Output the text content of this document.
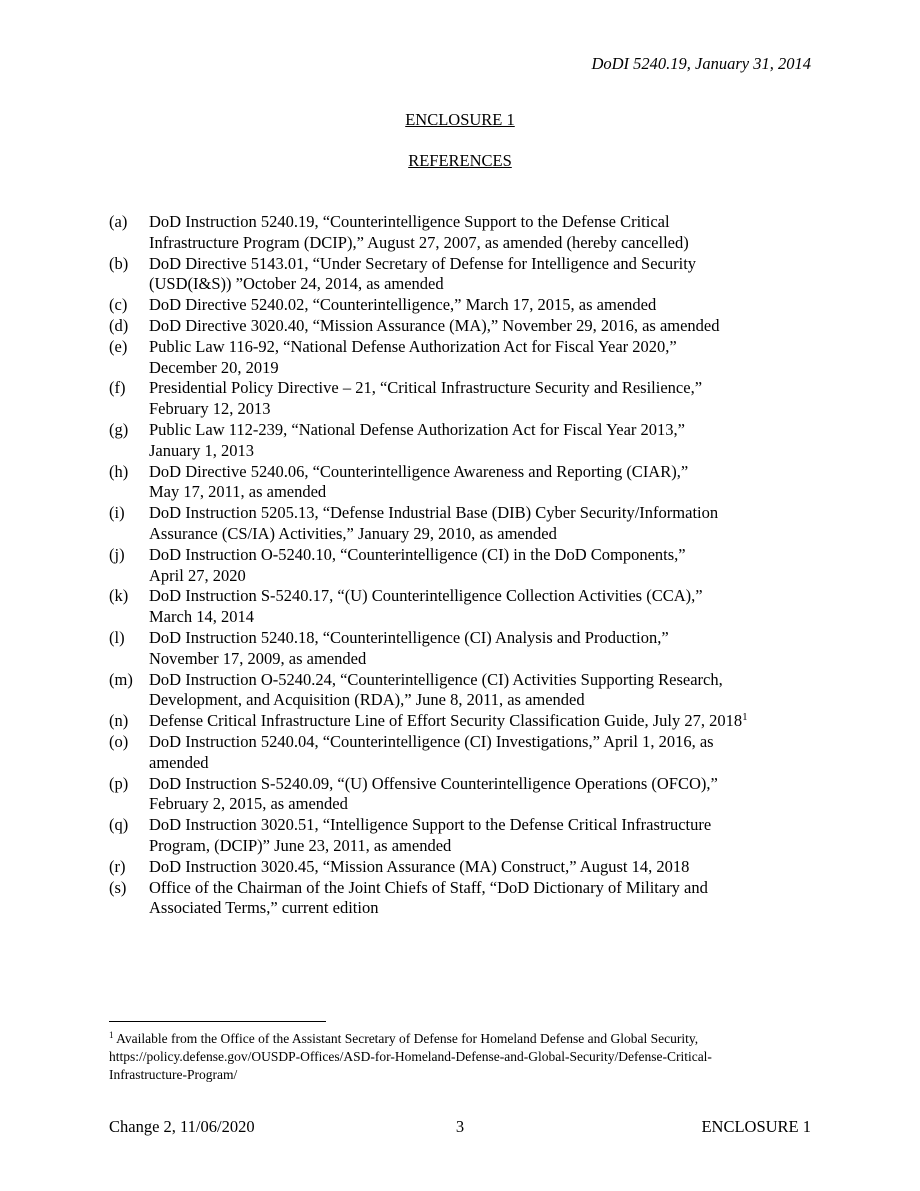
DoDI 5240.19, January 31, 2014
ENCLOSURE 1
REFERENCES
(a)	DoD Instruction 5240.19, “Counterintelligence Support to the Defense Critical
Infrastructure Program (DCIP),” August 27, 2007, as amended (hereby cancelled)
(b)	DoD Directive 5143.01, “Under Secretary of Defense for Intelligence and Security
(USD(I&S)) ”October 24, 2014, as amended
(c)	DoD Directive 5240.02, “Counterintelligence,” March 17, 2015, as amended
(d)	DoD Directive 3020.40, “Mission Assurance (MA),” November 29, 2016, as amended
(e)	Public Law 116-92, “National Defense Authorization Act for Fiscal Year 2020,”
December 20, 2019
(f)	Presidential Policy Directive – 21, “Critical Infrastructure Security and Resilience,”
February 12, 2013
(g)	Public Law 112-239, “National Defense Authorization Act for Fiscal Year 2013,”
January 1, 2013
(h)	DoD Directive 5240.06, “Counterintelligence Awareness and Reporting (CIAR),”
May 17, 2011, as amended
(i)	DoD Instruction 5205.13, “Defense Industrial Base (DIB) Cyber Security/Information
Assurance (CS/IA) Activities,” January 29, 2010, as amended
(j)	DoD Instruction O-5240.10, “Counterintelligence (CI) in the DoD Components,”
April 27, 2020
(k)	DoD Instruction S-5240.17, “(U) Counterintelligence Collection Activities (CCA),”
March 14, 2014
(l)	DoD Instruction 5240.18, “Counterintelligence (CI) Analysis and Production,”
November 17, 2009, as amended
(m) DoD Instruction O-5240.24, “Counterintelligence (CI) Activities Supporting Research,
Development, and Acquisition (RDA),” June 8, 2011, as amended
(n)	Defense Critical Infrastructure Line of Effort Security Classification Guide, July 27, 2018$^1$
(o)	DoD Instruction 5240.04, “Counterintelligence (CI) Investigations,” April 1, 2016, as
amended
(p)	DoD Instruction S-5240.09, “(U) Offensive Counterintelligence Operations (OFCO),”
February 2, 2015, as amended
(q)	DoD Instruction 3020.51, “Intelligence Support to the Defense Critical Infrastructure
Program, (DCIP)” June 23, 2011, as amended
(r)	DoD Instruction 3020.45, “Mission Assurance (MA) Construct,” August 14, 2018
(s)	Office of the Chairman of the Joint Chiefs of Staff, “DoD Dictionary of Military and
Associated Terms,” current edition
$^1$ Available from the Office of the Assistant Secretary of Defense for Homeland Defense and Global Security,
https://policy.defense.gov/OUSDP-Offices/ASD-for-Homeland-Defense-and-Global-Security/Defense-Critical-
Infrastructure-Program/
Change 2, 11/06/2020	3	ENCLOSURE 1
